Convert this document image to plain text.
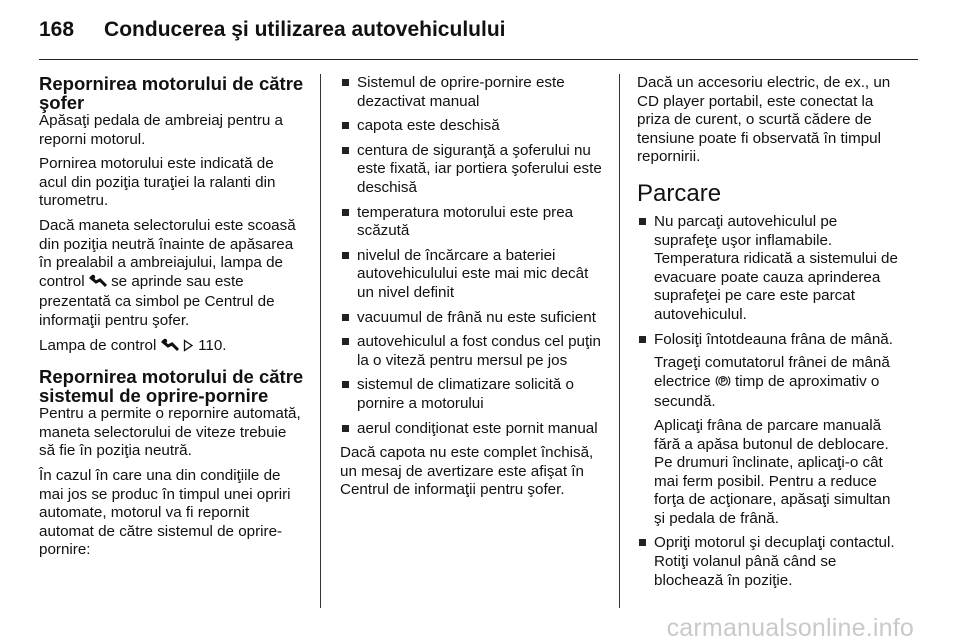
168 Conducerea şi utilizarea autovehiculului
Repornirea motorului de către şofer

Apăsaţi pedala de ambreiaj pentru a reporni motorul.

Pornirea motorului este indicată de acul din poziţia turaţiei la ralanti din turometru.

Dacă maneta selectorului este scoasă din poziţia neutră înainte de apăsarea în prealabil a ambreiajului, lampa de control se aprinde sau este prezentată ca simbol pe Centrul de informaţii pentru şofer.

Lampa de control	110.

Repornirea motorului de către sistemul de oprire-pornire

Pentru a permite o repornire automată, maneta selectorului de viteze trebuie să fie în poziţia neutră.

În cazul în care una din condiţiile de mai jos se produc în timpul unei opriri automate, motorul va fi repornit automat de către sistemul de oprire-pornire:

Sistemul de oprire-pornire este dezactivat manual
capota este deschisă
centura de siguranţă a şoferului nu este fixată, iar portiera şoferului este deschisă
temperatura motorului este prea scăzută
nivelul de încărcare a bateriei autovehiculului este mai mic decât un nivel definit
vacuumul de frână nu este suficient
autovehiculul a fost condus cel puţin la o viteză pentru mersul pe jos
sistemul de climatizare solicită o pornire a motorului
aerul condiţionat este pornit manual

Dacă capota nu este complet închisă, un mesaj de avertizare este afişat în Centrul de informaţii pentru şofer.

Dacă un accesoriu electric, de ex., un CD player portabil, este conectat la priza de curent, o scurtă cădere de tensiune poate fi observată în timpul repornirii.

Parcare
Nu parcaţi autovehiculul pe suprafeţe uşor inflamabile. Temperatura ridicată a sistemului de evacuare poate cauza aprinderea suprafeţei pe care este parcat autovehiculul.

Folosiţi întotdeauna frâna de mână.

Trageţi comutatorul frânei de mână electrice timp de aproximativ o secundă.

Aplicaţi frâna de parcare manuală fără a apăsa butonul de deblocare. Pe drumuri înclinate, aplicaţi-o cât mai ferm posibil. Pentru a reduce forţa de acţionare, apăsaţi simultan şi pedala de frână.

Opriţi motorul şi decuplaţi contactul. Rotiţi volanul până când se blochează în poziţie.
carmanualsonline.info
